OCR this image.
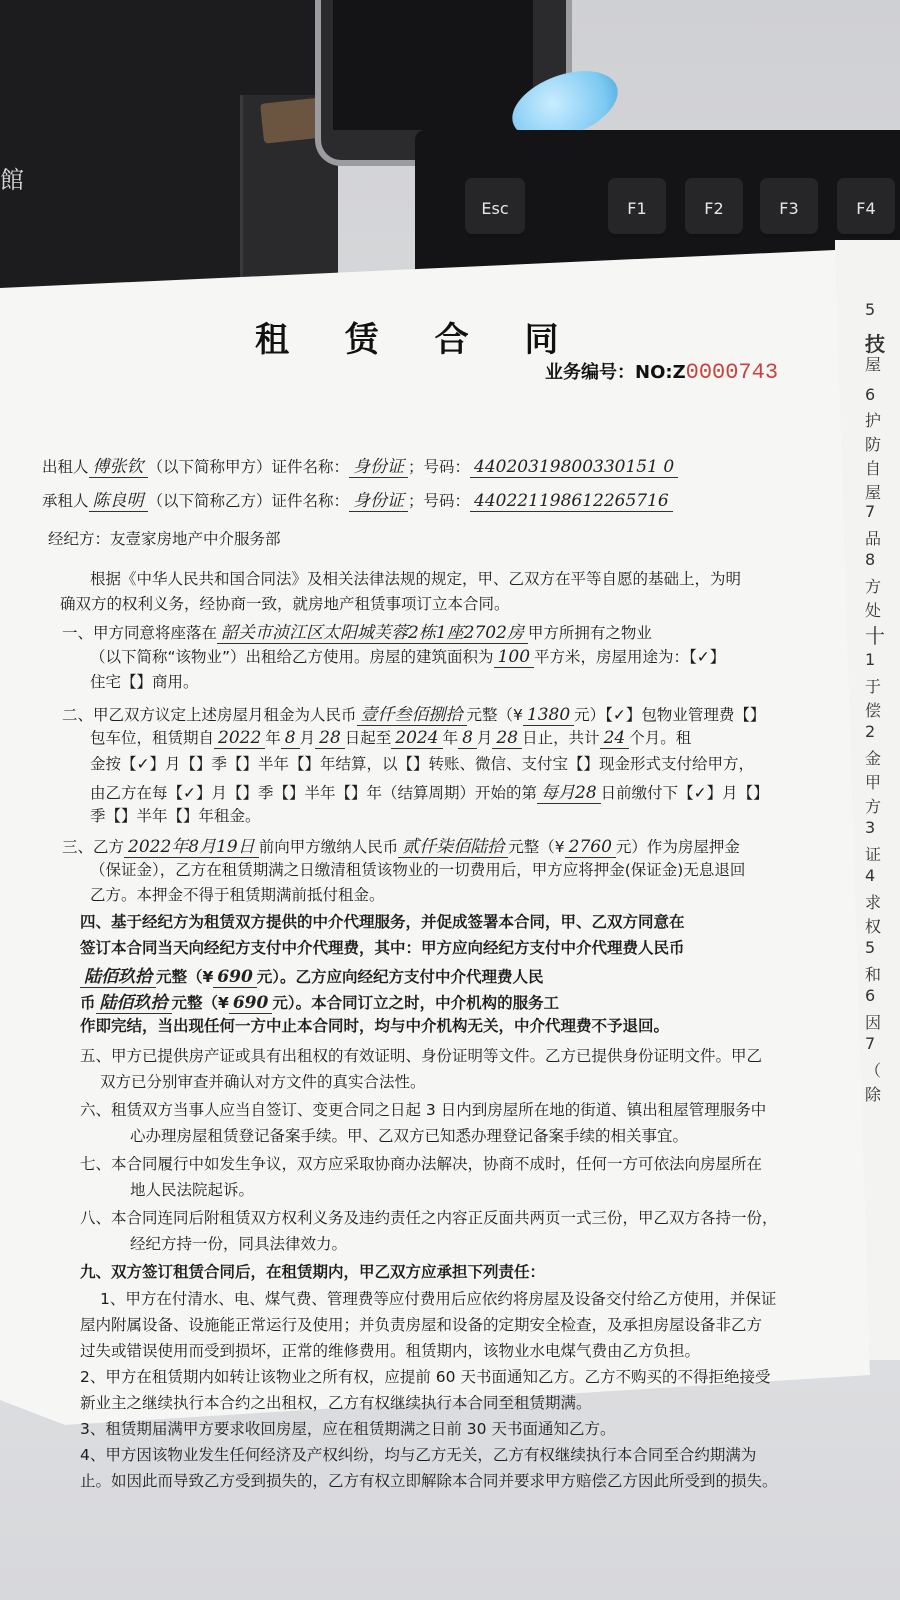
館
Esc	F1	F2	F3	F4
5
技
屋
6
护
防
自
屋
7
品
8
方
处
十
1
于
偿
2
金
甲
方
3
证
4
求
权
5
和
6
因
7
（
除
租 赁 合 同
业务编号：NO:Z0000743
出租人 傅张钦 （以下简称甲方）证件名称： 身份证 ；号码： 44020319800330151 0
承租人 陈良明 （以下简称乙方）证件名称： 身份证 ；号码： 440221198612265716
经纪方：友壹家房地产中介服务部
根据《中华人民共和国合同法》及相关法律法规的规定，甲、乙双方在平等自愿的基础上，为明
确双方的权利义务，经协商一致，就房地产租赁事项订立本合同。
一、甲方同意将座落在 韶关市浈江区太阳城芙蓉2栋1座2702房 甲方所拥有之物业
（以下简称“该物业”）出租给乙方使用。房屋的建筑面积为 100 平方米，房屋用途为：【✓】
住宅【】商用。
二、甲乙双方议定上述房屋月租金为人民币 壹仟叁佰捌拾 元整（¥ 1380 元）【✓】包物业管理费【】
包车位，租赁期自 2022 年 8 月 28 日起至 2024 年 8 月 28 日止，共计 24 个月。租
金按【✓】月【】季【】半年【】年结算，以【】转账、微信、支付宝【】现金形式支付给甲方，
由乙方在每【✓】月【】季【】半年【】年（结算周期）开始的第 每月28 日前缴付下【✓】月【】
季【】半年【】年租金。
三、乙方 2022年8月19日 前向甲方缴纳人民币 贰仟柒佰陆拾 元整（¥ 2760 元）作为房屋押金
（保证金），乙方在租赁期满之日缴清租赁该物业的一切费用后，甲方应将押金(保证金)无息退回
乙方。本押金不得于租赁期满前抵付租金。
四、基于经纪方为租赁双方提供的中介代理服务，并促成签署本合同，甲、乙双方同意在
签订本合同当天向经纪方支付中介代理费，其中：甲方应向经纪方支付中介代理费人民币
陆佰玖拾 元整（¥ 690 元）。乙方应向经纪方支付中介代理费人民
币 陆佰玖拾 元整（¥ 690 元）。本合同订立之时，中介机构的服务工
作即完结，当出现任何一方中止本合同时，均与中介机构无关，中介代理费不予退回。
五、甲方已提供房产证或具有出租权的有效证明、身份证明等文件。乙方已提供身份证明文件。甲乙
双方已分别审查并确认对方文件的真实合法性。
六、租赁双方当事人应当自签订、变更合同之日起 3 日内到房屋所在地的街道、镇出租屋管理服务中
心办理房屋租赁登记备案手续。甲、乙双方已知悉办理登记备案手续的相关事宜。
七、本合同履行中如发生争议，双方应采取协商办法解决，协商不成时，任何一方可依法向房屋所在
地人民法院起诉。
八、本合同连同后附租赁双方权利义务及违约责任之内容正反面共两页一式三份，甲乙双方各持一份，
经纪方持一份，同具法律效力。
九、双方签订租赁合同后，在租赁期内，甲乙双方应承担下列责任：
1、甲方在付清水、电、煤气费、管理费等应付费用后应依约将房屋及设备交付给乙方使用，并保证
屋内附属设备、设施能正常运行及使用；并负责房屋和设备的定期安全检查，及承担房屋设备非乙方
过失或错误使用而受到损坏，正常的维修费用。租赁期内，该物业水电煤气费由乙方负担。
2、甲方在租赁期内如转让该物业之所有权，应提前 60 天书面通知乙方。乙方不购买的不得拒绝接受
新业主之继续执行本合约之出租权，乙方有权继续执行本合同至租赁期满。
3、租赁期届满甲方要求收回房屋，应在租赁期满之日前 30 天书面通知乙方。
4、甲方因该物业发生任何经济及产权纠纷，均与乙方无关，乙方有权继续执行本合同至合约期满为
止。如因此而导致乙方受到损失的，乙方有权立即解除本合同并要求甲方赔偿乙方因此所受到的损失。
